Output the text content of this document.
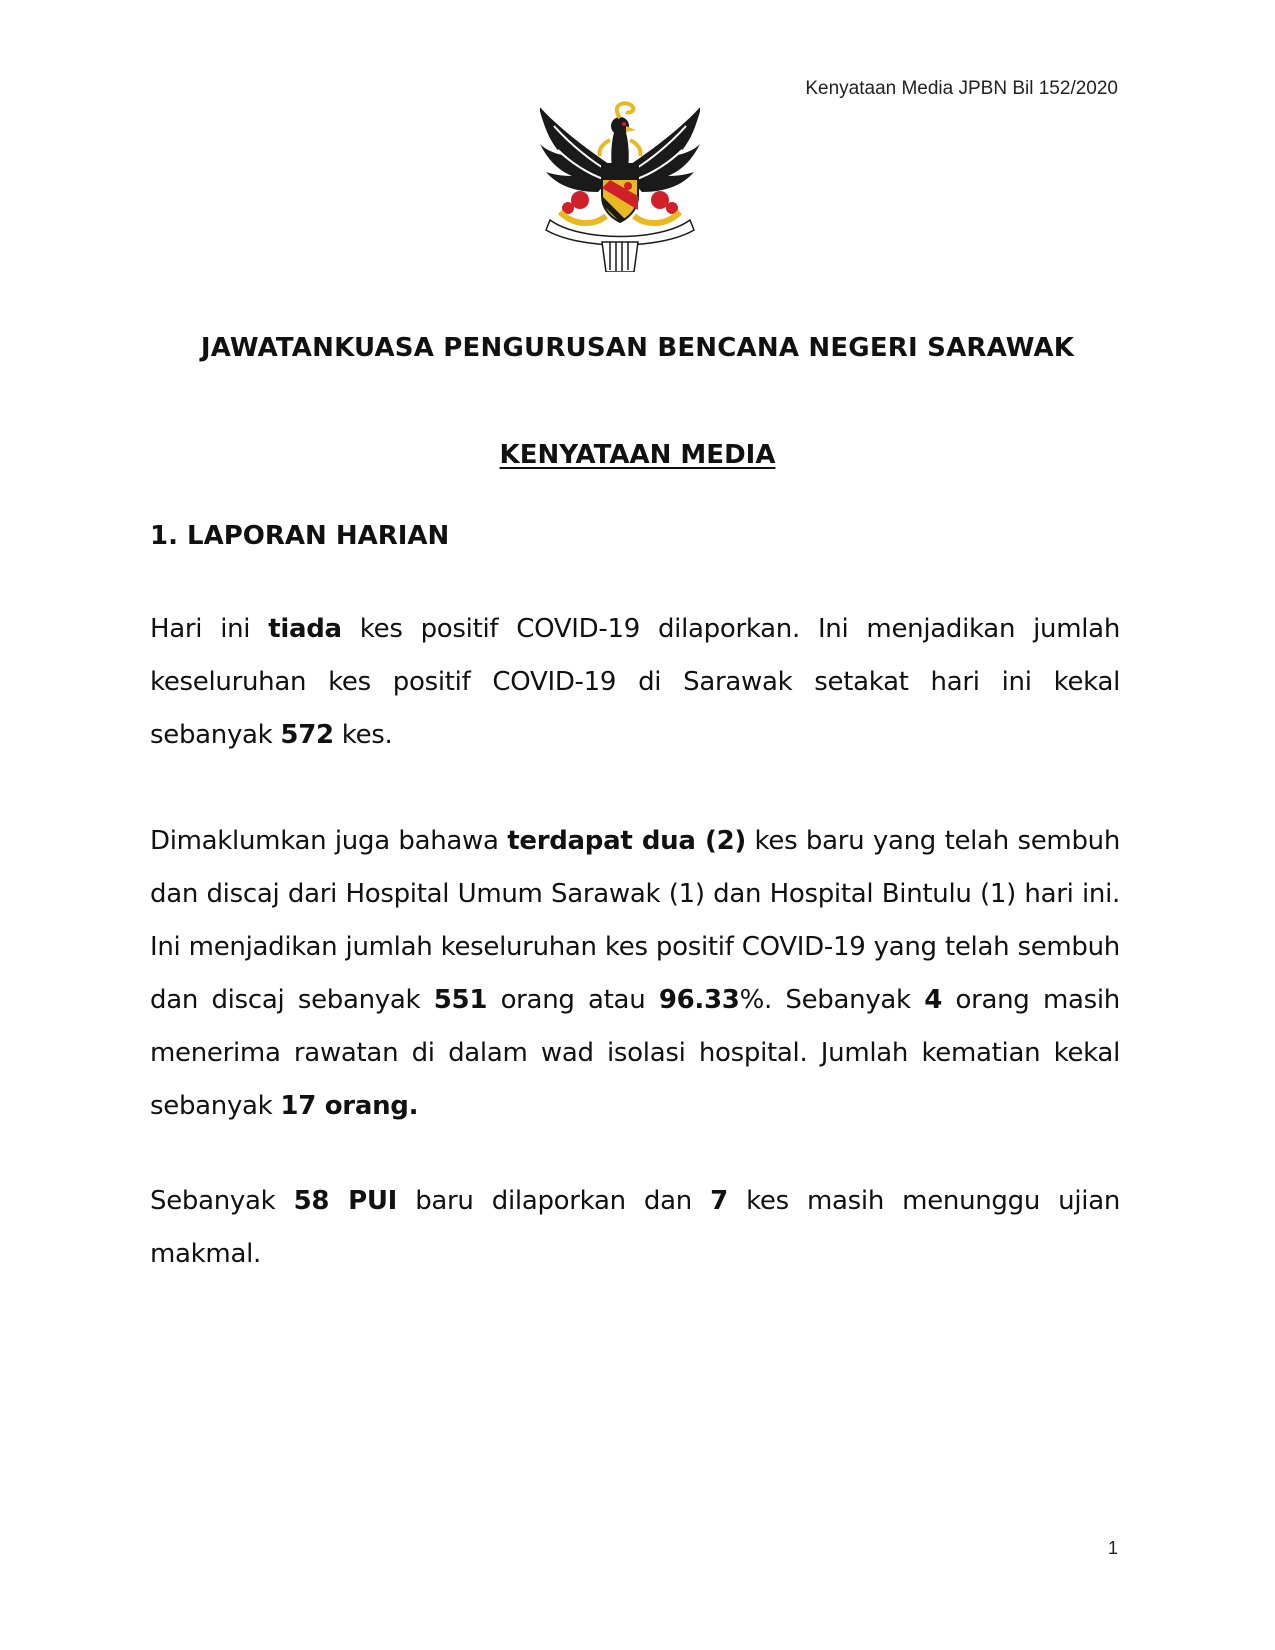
Kenyataan Media JPBN Bil 152/2020
JAWATANKUASA PENGURUSAN BENCANA NEGERI SARAWAK
KENYATAAN MEDIA
1. LAPORAN HARIAN
Hari ini tiada kes positif COVID-19 dilaporkan. Ini menjadikan jumlah keseluruhan kes positif COVID-19 di Sarawak setakat hari ini kekal sebanyak 572 kes.
Dimaklumkan juga bahawa terdapat dua (2) kes baru yang telah sembuh dan discaj dari Hospital Umum Sarawak (1) dan Hospital Bintulu (1) hari ini. Ini menjadikan jumlah keseluruhan kes positif COVID-19 yang telah sembuh dan discaj sebanyak 551 orang atau 96.33%. Sebanyak 4 orang masih menerima rawatan di dalam wad isolasi hospital. Jumlah kematian kekal sebanyak 17 orang.
Sebanyak 58 PUI baru dilaporkan dan 7 kes masih menunggu ujian makmal.
1
